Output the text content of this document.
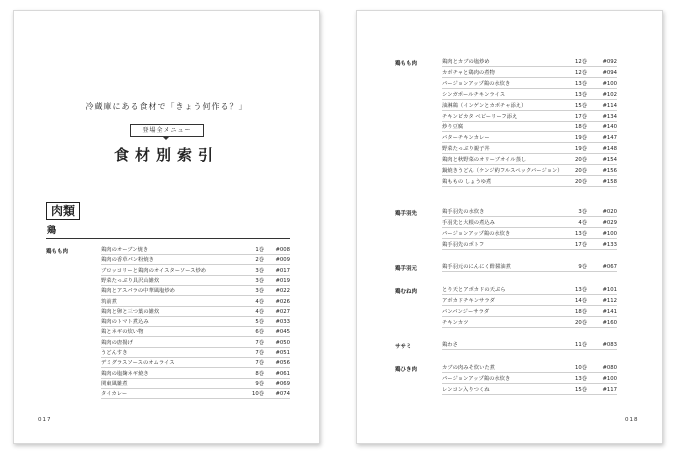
冷蔵庫にある食材で「きょう何作る？」
登場全メニュー
食材別索引
肉類
鶏
鶏もも肉	鶏肉のオーブン焼き	1巻 #008
鶏肉の香草パン粉焼き	2巻 #009
ブロッコリーと鶏肉のオイスターソース炒め	3巻 #017
野菜たっぷり具沢山雑炊	3巻 #019
鶏肉とアスパラの中華風塩炒め	3巻 #022
筑前煮	4巻 #026
鶏肉と卵と三つ葉の雑炊	4巻 #027
鶏肉のトマト煮込み	5巻 #033
鶏とネギの炊い物	6巻 #045
鶏肉の唐揚げ	7巻 #050
うどんすき	7巻 #051
デミグラスソースのオムライス	7巻 #056
鶏肉の塩麹ネギ焼き	8巻 #061
関東風雑煮	9巻 #069
タイカレー	10巻 #074
017
鶏もも肉	鶏肉とカブの塩炒め	12巻	#092
カボチャと鶏肉の煮物	12巻	#094
パージョンアップ鶏の水炊き	13巻	#100
シンガポールチキンライス	13巻	#102
油淋鶏（インゲンとカボチャ添え）	15巻	#114
チキンピカタ ベビーリーフ添え	17巻	#134
炒り豆腐	18巻	#140
バターチキンカレー	19巻	#147
野菜たっぷり親子丼	19巻	#148
鶏肉と秋野菜のオリーブオイル蒸し	20巻	#154
鍋焼きうどん（ケンジ約フルスペックバージョン） 20巻	#156
鶏ももの しょうゆ煮	20巻	#158
鶏手羽先	鶏手羽先の水炊き	3巻	#020
手羽先と大根の煮込み	4巻	#029
パージョンアップ鶏の水炊き	13巻	#100
鶏手羽先のポトフ	17巻	#133
鶏手羽元	鶏手羽元のにんにく酢醤油煮	9巻	#067
鶏むね肉	とり天とアボカドの天ぷら	13巻	#101
アボカドチキンサラダ	14巻	#112
バンバンジーサラダ	18巻	#141
チキンカツ	20巻	#160
ササミ	鶏わさ	11巻	#083
鶏ひき肉	カブの肉みそ炊いた煮	10巻	#080
パージョンアップ鶏の水炊き	13巻	#100
レンコン入りつくね	15巻	#117
018
